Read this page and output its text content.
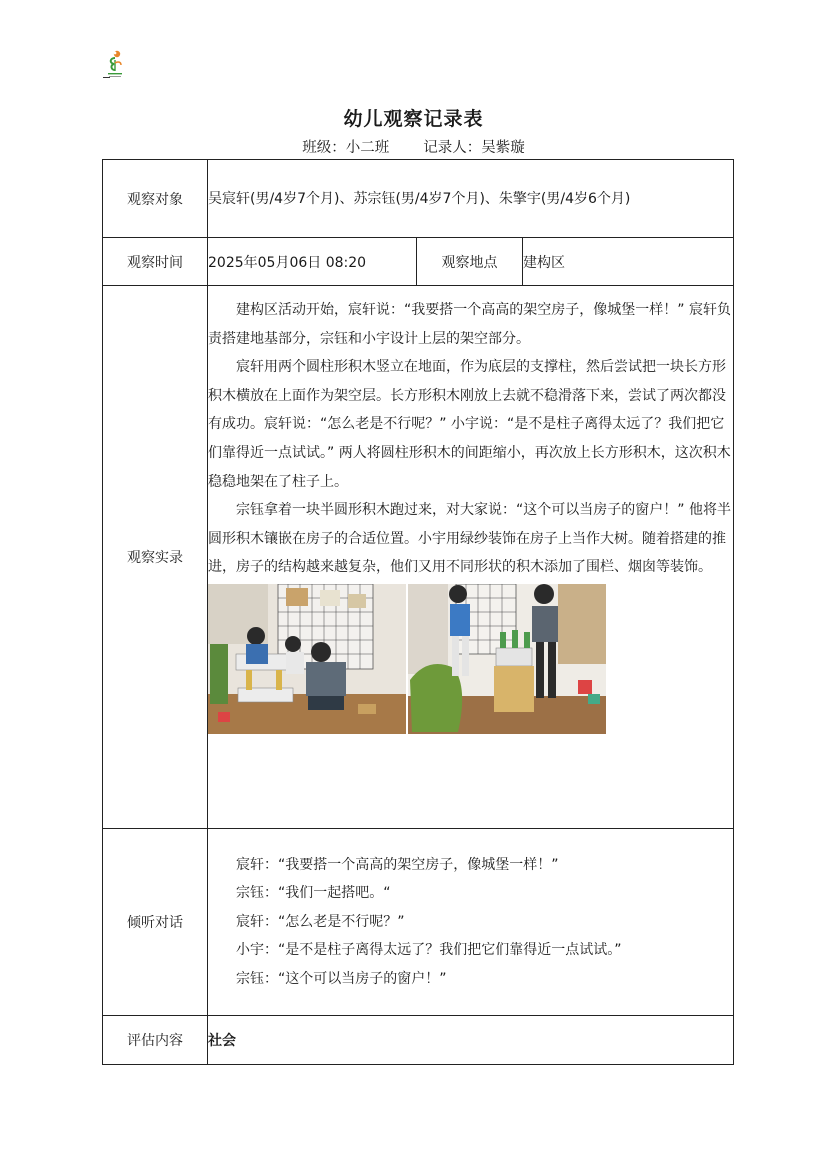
幼儿观察记录表
班级：小二班 记录人：吴紫璇
观察对象	吴宸轩(男/4岁7个月)、苏宗钰(男/4岁7个月)、朱擎宇(男/4岁6个月)		
观察时间	2025年05月06日 08:20	观察地点	建构区
观察实录	建构区活动开始，宸轩说：“我要搭一个高高的架空房子，像城堡一样！” 宸轩负责搭建地基部分，宗钰和小宇设计上层的架空部分。
宸轩用两个圆柱形积木竖立在地面，作为底层的支撑柱，然后尝试把一块长方形积木横放在上面作为架空层。长方形积木刚放上去就不稳滑落下来，尝试了两次都没有成功。宸轩说：“怎么老是不行呢？” 小宇说：“是不是柱子离得太远了？我们把它们靠得近一点试试。” 两人将圆柱形积木的间距缩小，再次放上长方形积木，这次积木稳稳地架在了柱子上。
宗钰拿着一块半圆形积木跑过来，对大家说：“这个可以当房子的窗户！” 他将半圆形积木镶嵌在房子的合适位置。小宇用绿纱装饰在房子上当作大树。随着搭建的推进，房子的结构越来越复杂，他们又用不同形状的积木添加了围栏、烟囱等装饰。		

倾听对话	宸轩：“我要搭一个高高的架空房子，像城堡一样！”

宗钰：“我们一起搭吧。“

宸轩：“怎么老是不行呢？”

小宇：“是不是柱子离得太远了？我们把它们靠得近一点试试。”

宗钰：“这个可以当房子的窗户！”		

评估内容	社会		
